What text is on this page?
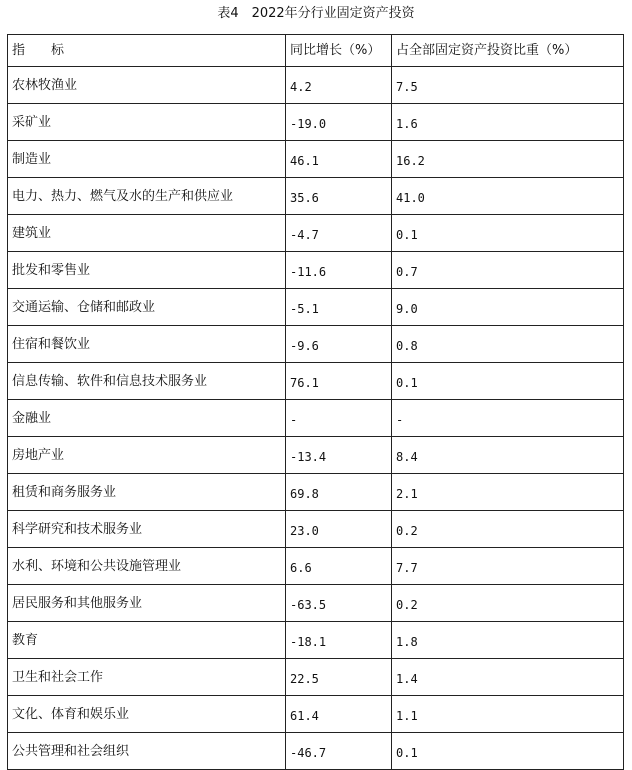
表4　2022年分行业固定资产投资
指　　标	同比增长（%）	占全部固定资产投资比重（%）
农林牧渔业	4.2	7.5
采矿业	-19.0	1.6
制造业	46.1	16.2
电力、热力、燃气及水的生产和供应业	35.6	41.0
建筑业	-4.7	0.1
批发和零售业	-11.6	0.7
交通运输、仓储和邮政业	-5.1	9.0
住宿和餐饮业	-9.6	0.8
信息传输、软件和信息技术服务业	76.1	0.1
金融业	-	-
房地产业	-13.4	8.4
租赁和商务服务业	69.8	2.1
科学研究和技术服务业	23.0	0.2
水利、环境和公共设施管理业	6.6	7.7
居民服务和其他服务业	-63.5	0.2
教育	-18.1	1.8
卫生和社会工作	22.5	1.4
文化、体育和娱乐业	61.4	1.1
公共管理和社会组织	-46.7	0.1
